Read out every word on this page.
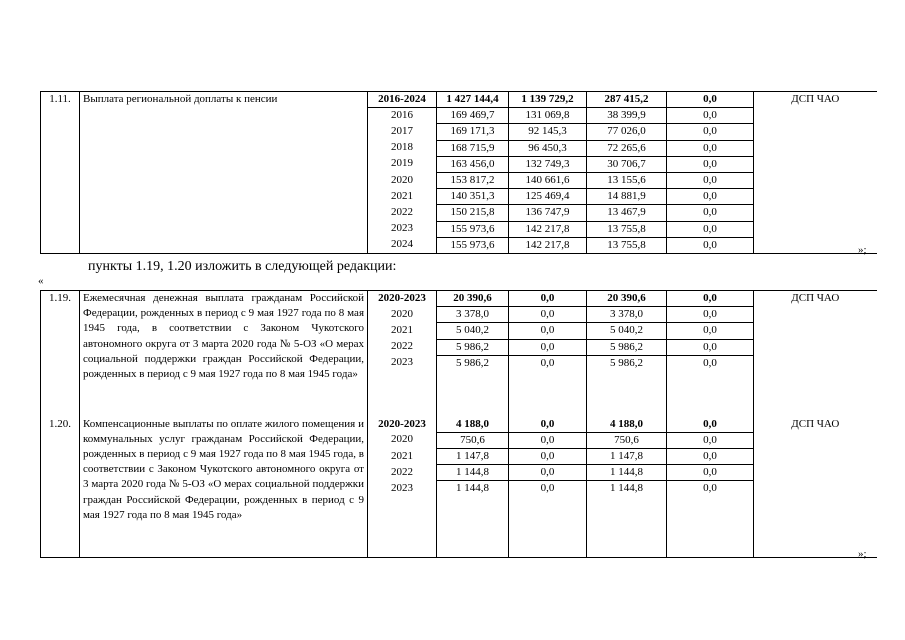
1.11.	Выплата региональной доплаты к пенсии	2016-2024	1 427 144,4	1 139 729,2	287 415,2	0,0	ДСП ЧАО
		2016	169 469,7	131 069,8	38 399,9	0,0	
		2017	169 171,3	92 145,3	77 026,0	0,0	
		2018	168 715,9	96 450,3	72 265,6	0,0	
		2019	163 456,0	132 749,3	30 706,7	0,0	
		2020	153 817,2	140 661,6	13 155,6	0,0	
		2021	140 351,3	125 469,4	14 881,9	0,0	
		2022	150 215,8	136 747,9	13 467,9	0,0	
		2023	155 973,6	142 217,8	13 755,8	0,0	
		2024	155 973,6	142 217,8	13 755,8	0,0		»;
пункты 1.19, 1.20 изложить в следующей редакции:
«
1.19.	Ежемесячная денежная выплата гражданам Российской Федерации, рожденных в период с 9 мая 1927 года по 8 мая 1945 года, в соответствии с Законом Чукотского автономного округа от 3 марта 2020 года № 5-ОЗ «О мерах социальной поддержки граждан Российской Федерации, рожденных в период с 9 мая 1927 года по 8 мая 1945 года»	2020-2023	20 390,6	0,0	20 390,6	0,0	ДСП ЧАО
		2020	3 378,0	0,0	3 378,0	0,0	
		2021	5 040,2	0,0	5 040,2	0,0	
		2022	5 986,2	0,0	5 986,2	0,0	
		2023	5 986,2	0,0	5 986,2	0,0	

1.20.	Компенсационные выплаты по оплате жилого помещения и коммунальных услуг гражданам Российской Федерации, рожденных в период с 9 мая 1927 года по 8 мая 1945 года, в соответствии с Законом Чукотского автономного округа от 3 марта 2020 года № 5-ОЗ «О мерах социальной поддержки граждан Российской Федерации, рожденных в период с 9 мая 1927 года по 8 мая 1945 года»	2020-2023	4 188,0	0,0	4 188,0	0,0	ДСП ЧАО
		2020	750,6	0,0	750,6	0,0	
		2021	1 147,8	0,0	1 147,8	0,0	
		2022	1 144,8	0,0	1 144,8	0,0	
		2023	1 144,8	0,0	1 144,8	0,0	

»;
